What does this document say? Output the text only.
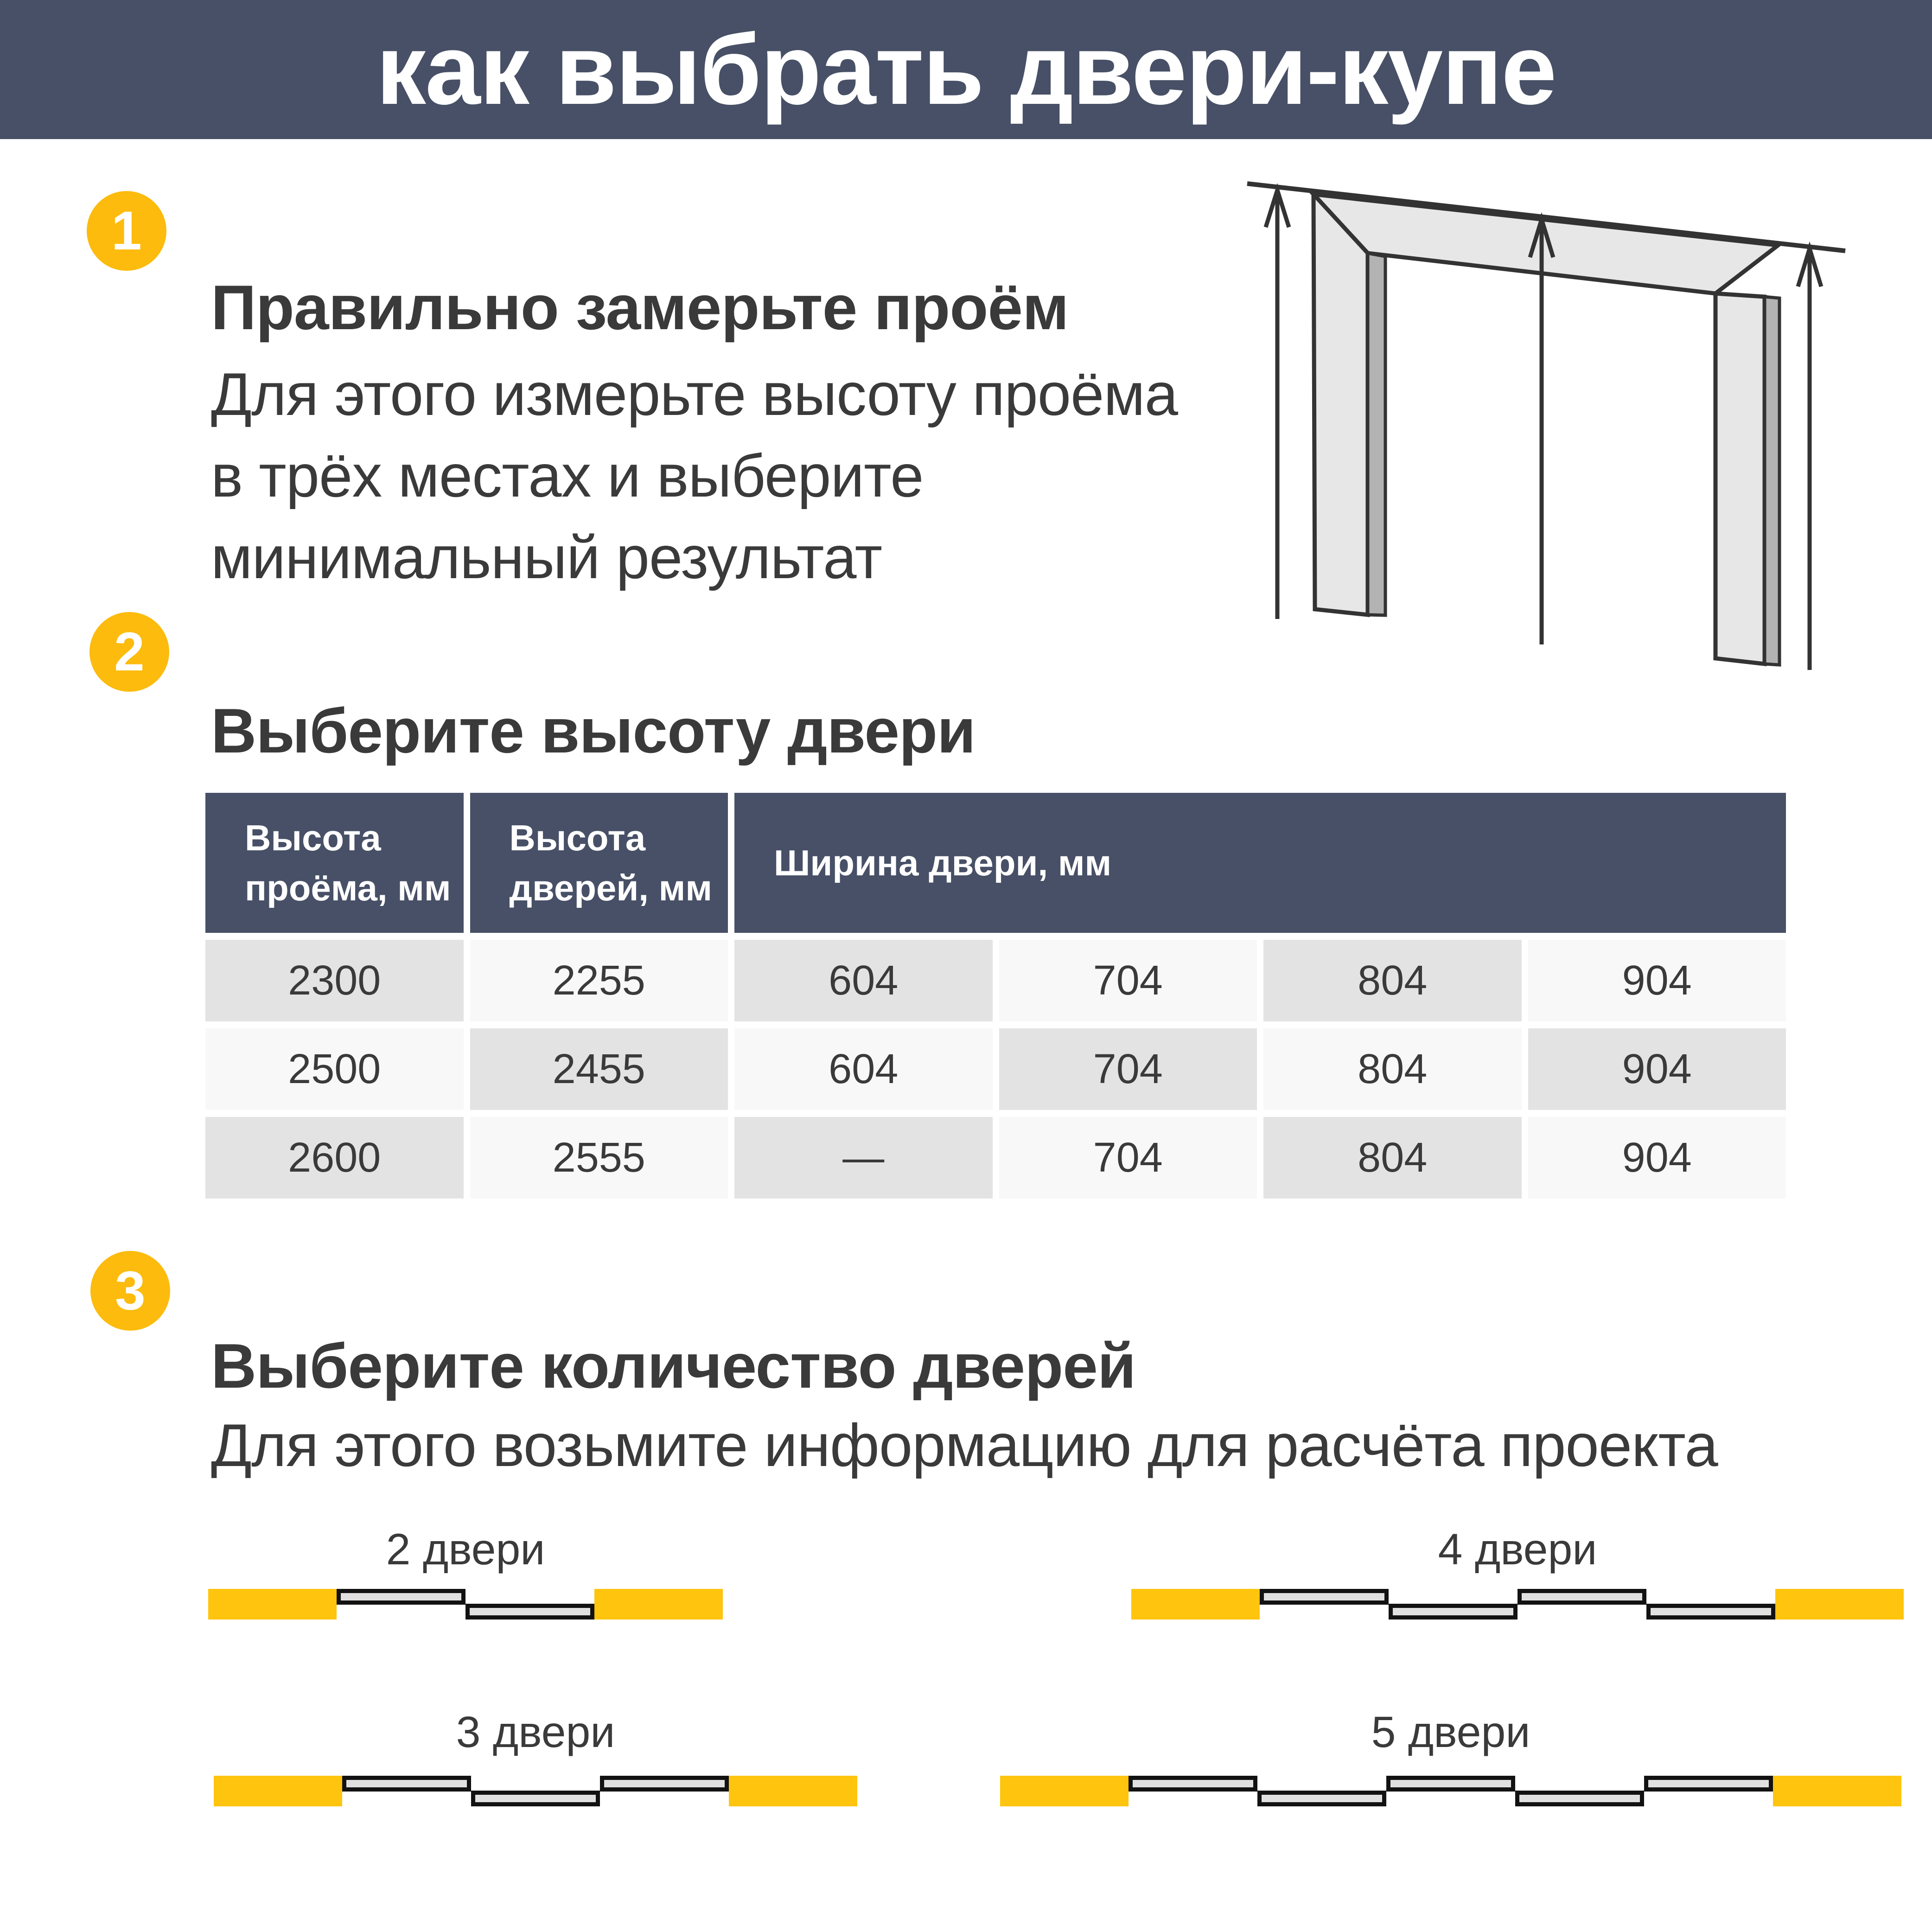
как выбрать двери-купе
1
Правильно замерьте проём
Для этого измерьте высоту проёма
в трёх местах и выберите
минимальный результат
2
Выберите высоту двери
Высота проёма, мм
Высота дверей, мм
Ширина двери, мм
2300	2255	604	704	804	904
2500	2455	604	704	804	904
2600	2555	—	704	804	904
3
Выберите количество дверей
Для этого возьмите информацию для расчёта проекта
2 двери
3 двери
4 двери
5 двери
